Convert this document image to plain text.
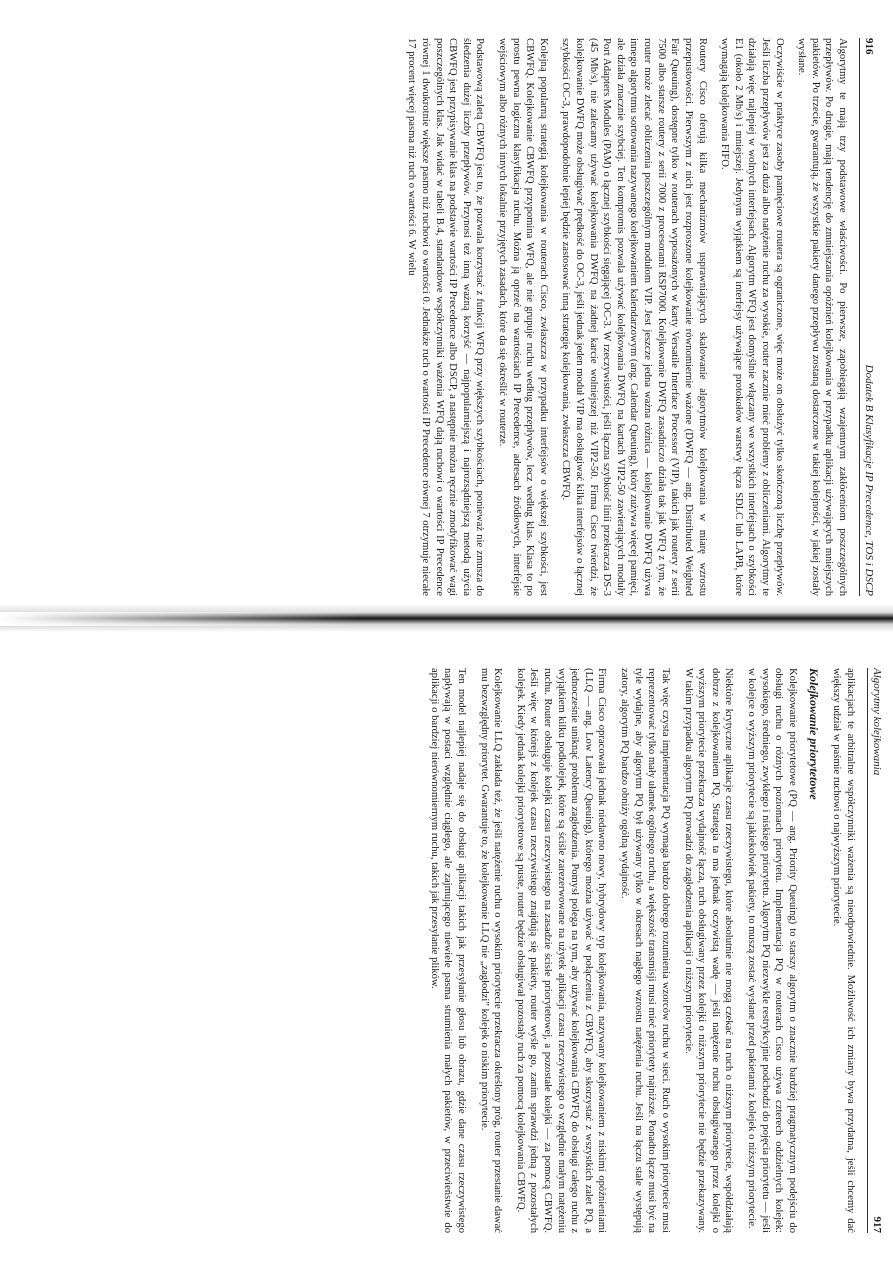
916
Dodatek B Klasyfikacje IP Precedence, TOS i DSCP

Algorytmy te mają trzy podstawowe właściwości. Po pierwsze, zapobiegają wzajemnym zakłóceniom poszczególnych przepływów. Po drugie, mają tendencję do zmniejszania opóźnień kolejkowania w przypadku aplikacji używających mniejszych pakietów. Po trzecie, gwarantują, że wszystkie pakiety danego przepływu zostaną dostarczone w takiej kolejności, w jakiej zostały wysłane.

Oczywiście w praktyce zasoby pamięciowe routera są ograniczone, więc może on obsłużyć tylko skończoną liczbę przepływów. Jeśli liczba przepływów jest za duża albo natężenie ruchu za wysokie, router zacznie mieć problemy z obliczeniami. Algorytmy te działają więc najlepiej w wolnych interfejsach. Algorytm WFQ jest domyślnie włączany we wszystkich interfejsach o szybkości E1 (około 2 Mb/s) i mniejszej. Jedynym wyjątkiem są interfejsy używające protokołów warstwy łącza SDLC lub LAPB, które wymagają kolejkowania FIFO.

Routery Cisco oferują kilka mechanizmów usprawniających skalowanie algorytmów kolejkowania w miarę wzrostu przepustowości. Pierwszym z nich jest rozproszone kolejkowanie równomiernie ważone (DWFQ — ang. Distributed Weighted Fair Queuing), dostępne tylko w routerach wyposażonych w karty Versatile Interface Processor (VIP), takich jak routery z serii 7500 albo starsze routery z serii 7000 z procesorami RSP7000. Kolejkowanie DWFQ zasadniczo działa tak jak WFQ z tym, że router może zlecać obliczenia poszczególnym modułom VIP. Jest jeszcze jedna ważna różnica — kolejkowanie DWFQ używa innego algorytmu sortowania nazywanego kolejkowaniem kalendarzowym (ang. Calendar Queuing), który zużywa więcej pamięci, ale działa znacznie szybciej. Ten kompromis pozwala używać kolejkowania DWFQ na kartach VIP2-50 zawierających moduły Port Adapters Modules (PAM) o łącznej szybkości sięgającej OC-3. W rzeczywistości, jeśli łączna szybkość linii przekracza DS-3 (45 Mb/s), nie zalecamy używać kolejkowania DWFQ na żadnej karcie wolniejszej niż VIP2-50. Firma Cisco twierdzi, że kolejkowanie DWFQ może obsługiwać prędkość do OC-3, jeśli jednak jeden moduł VIP ma obsługiwać kilka interfejsów o łącznej szybkości OC-3, prawdopodobnie lepiej będzie zastosować inną strategię kolejkowania, zwłaszcza CBWFQ.

Kolejną popularną strategią kolejkowania w routerach Cisco, zwłaszcza w przypadku interfejsów o większej szybkości, jest CBWFQ. Kolejkowanie CBWFQ przypomina WFQ, ale nie grupuje ruchu według przepływów, lecz według klas. Klasa to po prostu pewna logiczna klasyfikacja ruchu. Można ją oprzeć na wartościach IP Precedence, adresach źródłowych, interfejsie wejściowym albo różnych innych lokalnie przyjętych zasadach, które da się określić w routerze.

Podstawową zaletą CBWFQ jest to, że pozwala korzystać z funkcji WFQ przy większych szybkościach, ponieważ nie zmusza do śledzenia dużej liczby przepływów. Przynosi też inną ważną korzyść — najpopularniejszą i najrozsądniejszą metodą użycia CBWFQ jest przypisywanie klas na podstawie wartości IP Precedence albo DSCP, a następnie można ręcznie zmodyfikować wagi poszczególnych klas. Jak widać w tabeli B.4, standardowe współczynniki ważenia WFQ dają ruchowi o wartości IP Precedence równej 1 dwukrotnie większe pasmo niż ruchowi o wartości 0. Jednakże ruch o wartości IP Precedence równej 7 otrzymuje niecałe 17 procent więcej pasma niż ruch o wartości 6. W wielu

Algorytmy kolejkowania
917

aplikacjach te arbitralne współczynniki ważenia są nieodpowiednie. Możliwość ich zmiany bywa przydatna, jeśli chcemy dać większy udział w paśmie ruchowi o najwyższym priorytecie.

Kolejkowanie priorytetowe

Kolejkowanie priorytetowe (PQ — ang. Priority Queuing) to starszy algorytm o znacznie bardziej pragmatycznym podejściu do obsługi ruchu o różnych poziomach priorytetu. Implementacja PQ w routerach Cisco używa czterech oddzielnych kolejek: wysokiego, średniego, zwykłego i niskiego priorytetu. Algorytm PQ niezwykle restrykcyjnie podchodzi do pojęcia priorytetu — jeśli w kolejce o wyższym priorytecie są jakiekolwiek pakiety, to muszą zostać wysłane przed pakietami z kolejek o niższym priorytecie.

Niektóre krytyczne aplikacje czasu rzeczywistego, które absolutnie nie mogą czekać na ruch o niższym priorytecie, współdziałają dobrze z kolejkowaniem PQ. Strategia ta ma jednak oczywistą wadę — jeśli natężenie ruchu obsługiwanego przez kolejki o wyższym priorytecie przekracza wydajność łącza, ruch obsługiwany przez kolejki o niższym priorytecie nie będzie przekazywany. W takim przypadku algorytm PQ prowadzi do zagłodzenia aplikacji o niższym priorytecie.

Tak więc czysta implementacja PQ wymaga bardzo dobrego rozumienia wzorców ruchu w sieci. Ruch o wysokim priorytecie musi reprezentować tylko mały ułamek ogólnego ruchu, a większość transmisji musi mieć priorytety najniższe. Ponadto łącze musi być na tyle wydajne, aby algorytm PQ był używany tylko w okresach nagłego wzrostu natężenia ruchu. Jeśli na łączu stale występują zatory, algorytm PQ bardzo obniży ogólną wydajność.

Firma Cisco opracowała jednak niedawno nowy, hybrydowy typ kolejkowania, nazywany kolejkowaniem z niskimi opóźnieniami (LLQ — ang. Low Latency Queuing), którego można używać w połączeniu z CBWFQ, aby skorzystać z wszystkich zalet PQ, a jednocześnie uniknąć problemu zagłodzenia. Pomysł polega na tym, aby używać kolejkowania CBWFQ do obsługi całego ruchu z wyjątkiem kilku podkolejek, które są ściśle zarezerwowane na użytek aplikacji czasu rzeczywistego o względnie małym natężeniu ruchu. Router obsługuje kolejki czasu rzeczywistego na zasadzie ścisłe priorytetowej, a pozostałe kolejki — za pomocą CBWFQ. Jeśli więc w którejś z kolejek czasu rzeczywistego znajdują się pakiety, router wyśle go, zanim sprawdzi jedną z pozostałych kolejek. Kiedy jednak kolejki priorytetowe są puste, router będzie obsługiwał pozostały ruch za pomocą kolejkowania CBWFQ.

Kolejkowanie LLQ zakłada też, że jeśli natężenie ruchu o wysokim priorytecie przekracza określony próg, router przestanie dawać mu bezwzględny priorytet. Gwarantuje to, że kolejkowanie LLQ nie „zagłodzi” kolejek o niskim priorytecie.

Ten model najlepiej nadaje się do obsługi aplikacji takich jak przesyłanie głosu lub obrazu, gdzie dane czasu rzeczywistego napływają w postaci względnie ciągłego, ale zajmującego niewiele pasma strumienia małych pakietów, w przeciwieństwie do aplikacji o bardziej nierównomiernym ruchu, takich jak przesyłanie plików.
